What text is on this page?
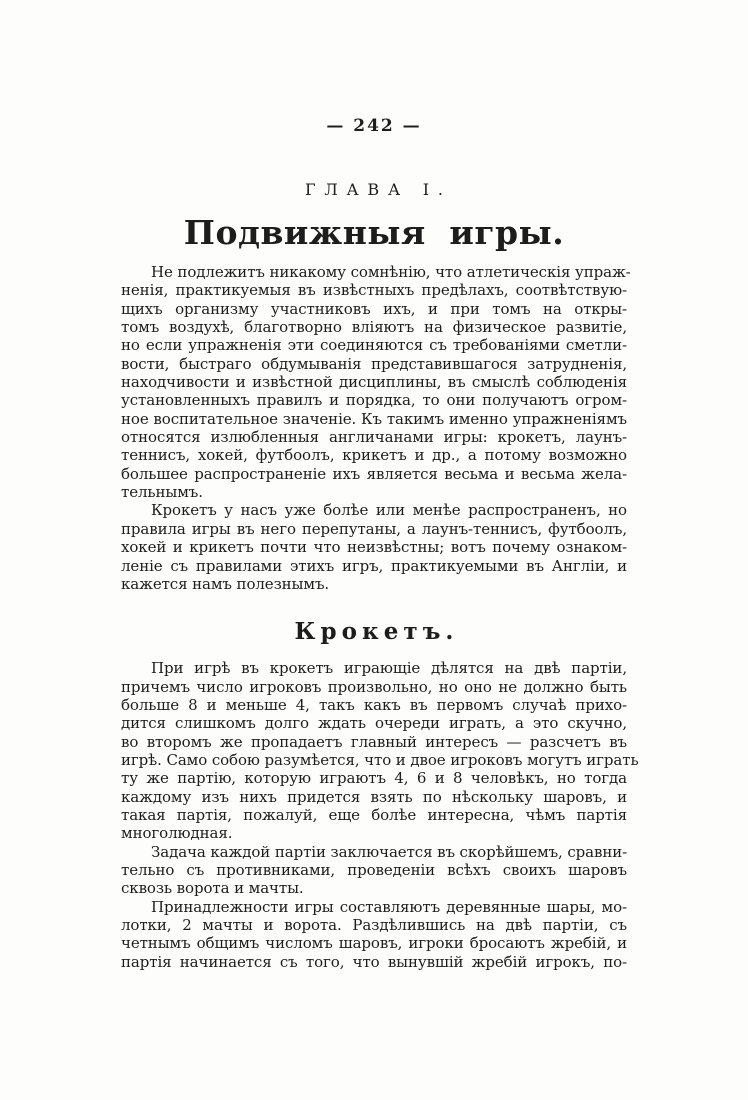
— 242 —
ГЛАВА I.
Подвижныя игры.
Не подлежитъ никакому сомнѣнію, что атлетическія упраж-
ненія, практикуемыя въ извѣстныхъ предѣлахъ, соотвѣтствую-
щихъ организму участниковъ ихъ, и при томъ на откры-
томъ воздухѣ, благотворно вліяютъ на физическое развитіе,
но если упражненія эти соединяются съ требованіями сметли-
вости, быстраго обдумыванія представившагося затрудненія,
находчивости и извѣстной дисциплины, въ смыслѣ соблюденія
установленныхъ правилъ и порядка, то они получаютъ огром-
ное воспитательное значеніе. Къ такимъ именно упражненіямъ
относятся излюбленныя англичанами игры: крокетъ, лаунъ-
теннисъ, хокей, футбоолъ, крикетъ и др., а потому возможно
большее распространеніе ихъ является весьма и весьма жела-
тельнымъ.
Крокетъ у насъ уже болѣе или менѣе распространенъ, но
правила игры въ него перепутаны, а лаунъ-теннисъ, футбоолъ,
хокей и крикетъ почти что неизвѣстны; вотъ почему ознаком-
леніе съ правилами этихъ игръ, практикуемыми въ Англіи, и
кажется намъ полезнымъ.
Крокетъ.
При игрѣ въ крокетъ играющіе дѣлятся на двѣ партіи,
причемъ число игроковъ произвольно, но оно не должно быть
больше 8 и меньше 4, такъ какъ въ первомъ случаѣ прихо-
дится слишкомъ долго ждать очереди играть, а это скучно,
во второмъ же пропадаетъ главный интересъ — разсчетъ въ
игрѣ. Само собою разумѣется, что и двое игроковъ могутъ играть
ту же партію, которую играютъ 4, 6 и 8 человѣкъ, но тогда
каждому изъ нихъ придется взять по нѣскольку шаровъ, и
такая партія, пожалуй, еще болѣе интересна, чѣмъ партія
многолюдная.
Задача каждой партіи заключается въ скорѣйшемъ, сравни-
тельно съ противниками, проведеніи всѣхъ своихъ шаровъ
сквозь ворота и мачты.
Принадлежности игры составляютъ деревянные шары, мо-
лотки, 2 мачты и ворота. Раздѣлившись на двѣ партіи, съ
четнымъ общимъ числомъ шаровъ, игроки бросаютъ жребій, и
партія начинается съ того, что вынувшій жребій игрокъ, по-
